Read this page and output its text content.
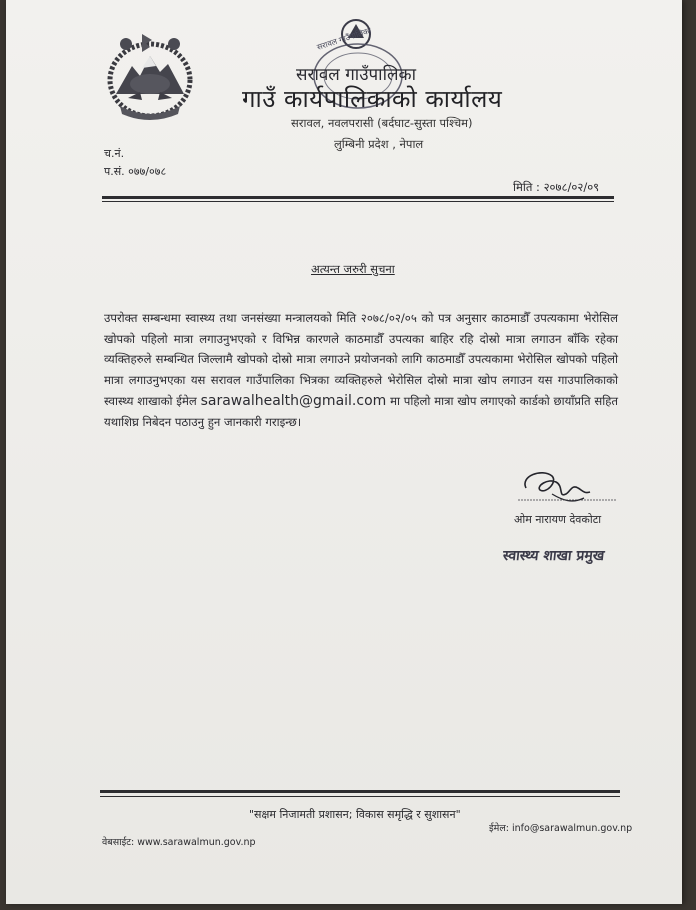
सरावल गाउँपालिका
सरावल गाउँपालिका
गाउँ कार्यपालिकाको कार्यालय
सरावल, नवलपरासी (बर्दघाट-सुस्ता पश्चिम)
लुम्बिनी प्रदेश , नेपाल
च.नं.
प.सं. ०७७/०७८
मिति : २०७८/०२/०९
अत्यन्त जरुरी सुचना
उपरोक्त सम्बन्धमा स्वास्थ्य तथा जनसंख्या मन्त्रालयको मिति २०७८/०२/०५ को पत्र अनुसार काठमाडौँ उपत्यकामा भेरोसिल खोपको पहिलो मात्रा लगाउनुभएको र विभिन्न कारणले काठमाडौँ उपत्यका बाहिर रहि दोस्रो मात्रा लगाउन बाँकि रहेका व्यक्तिहरुले सम्बन्धित जिल्लामै खोपको दोस्रो मात्रा लगाउने प्रयोजनको लागि काठमाडौँ उपत्यकामा भेरोसिल खोपको पहिलो मात्रा लगाउनुभएका यस सरावल गाउँपालिका भित्रका व्यक्तिहरुले भेरोसिल दोस्रो मात्रा खोप लगाउन यस गाउपालिकाको स्वास्थ्य शाखाको ईमेल sarawalhealth@gmail.com मा पहिलो मात्रा खोप लगाएको कार्डको छायाँप्रति सहित यथाशिघ्र निबेदन पठाउनु हुन जानकारी गराइन्छ।
ओम नारायण देवकोटा
स्वास्थ्य शाखा प्रमुख
"सक्षम निजामती प्रशासन; विकास समृद्धि र सुशासन"
ईमेल: info@sarawalmun.gov.np
वेबसाईट: www.sarawalmun.gov.np
